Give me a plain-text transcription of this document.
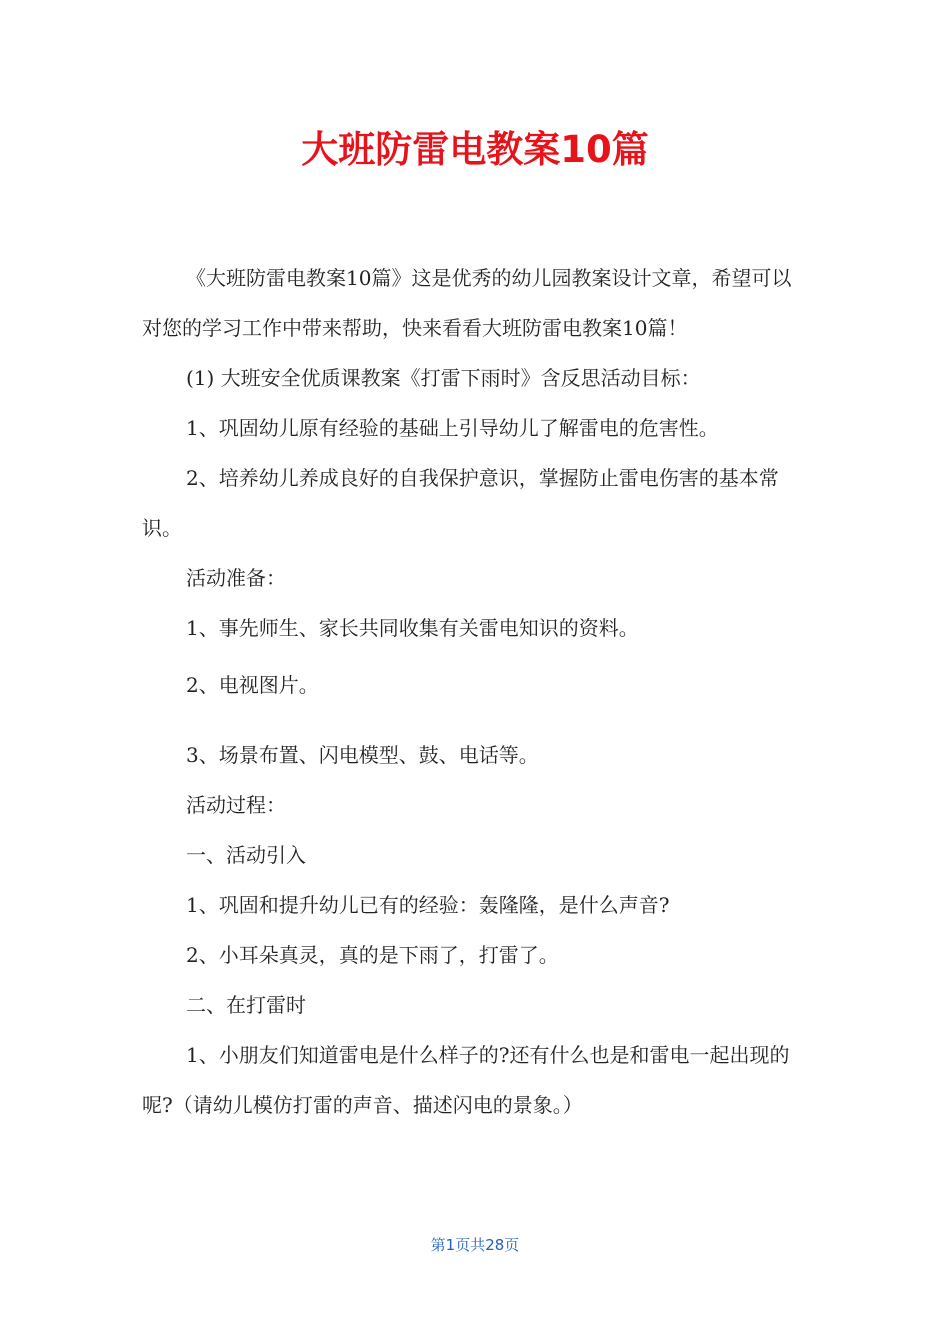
大班防雷电教案10篇

《大班防雷电教案10篇》这是优秀的幼儿园教案设计文章，希望可以对您的学习工作中带来帮助，快来看看大班防雷电教案10篇！

(1) 大班安全优质课教案《打雷下雨时》含反思活动目标：

1、巩固幼儿原有经验的基础上引导幼儿了解雷电的危害性。

2、培养幼儿养成良好的自我保护意识，掌握防止雷电伤害的基本常识。

活动准备：

1、事先师生、家长共同收集有关雷电知识的资料。

2、电视图片。

3、场景布置、闪电模型、鼓、电话等。

活动过程：

一、活动引入

1、巩固和提升幼儿已有的经验：轰隆隆，是什么声音?

2、小耳朵真灵，真的是下雨了，打雷了。

二、在打雷时

1、小朋友们知道雷电是什么样子的?还有什么也是和雷电一起出现的呢?（请幼儿模仿打雷的声音、描述闪电的景象。）

第1页共28页
